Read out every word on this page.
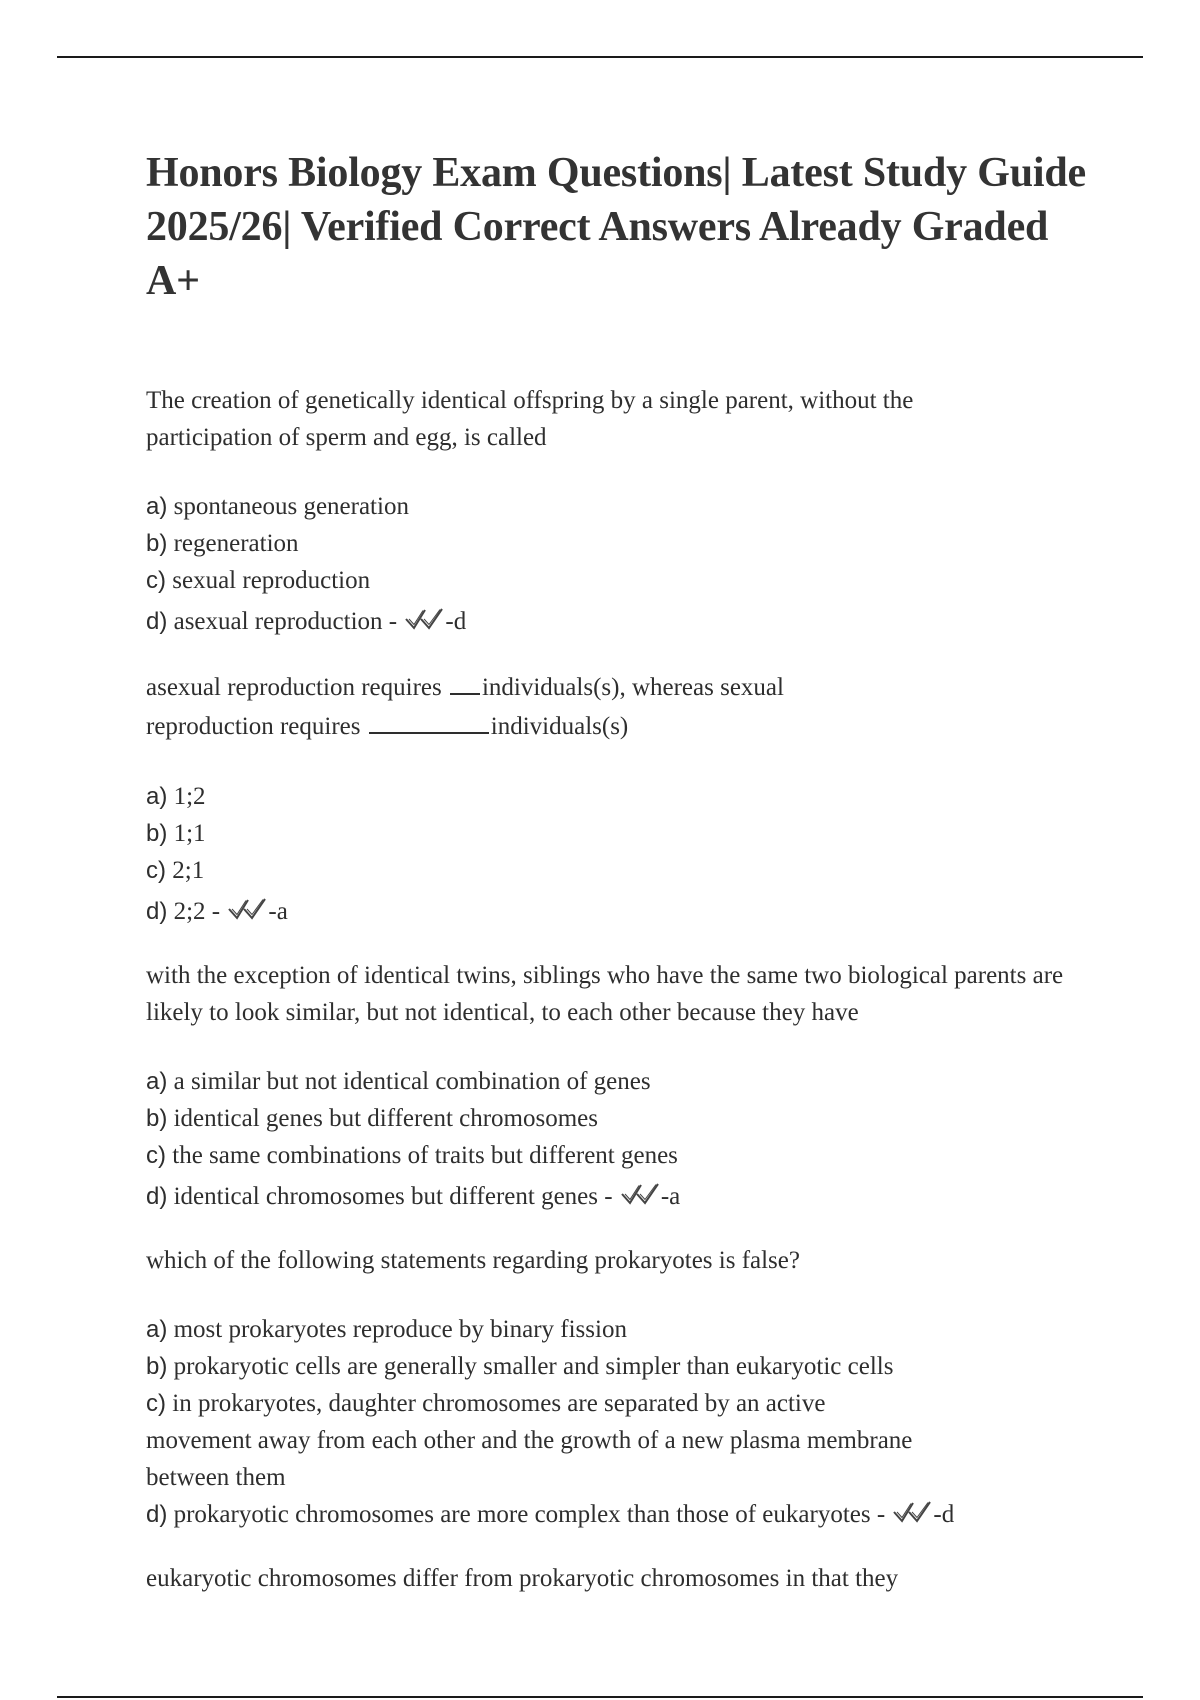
Honors Biology Exam Questions| Latest Study Guide 2025/26| Verified Correct Answers Already Graded A+

The creation of genetically identical offspring by a single parent, without the participation of sperm and egg, is called

a) spontaneous generation
b) regeneration
c) sexual reproduction
d) asexual reproduction - -d

asexual reproduction requires individuals(s), whereas sexual reproduction requires	individuals(s)

a) 1;2
b) 1;1
c) 2;1
d) 2;2 - -a

with the exception of identical twins, siblings who have the same two biological parents are likely to look similar, but not identical, to each other because they have

a) a similar but not identical combination of genes
b) identical genes but different chromosomes
c) the same combinations of traits but different genes
d) identical chromosomes but different genes - -a

which of the following statements regarding prokaryotes is false?

a) most prokaryotes reproduce by binary fission
b) prokaryotic cells are generally smaller and simpler than eukaryotic cells
c) in prokaryotes, daughter chromosomes are separated by an active movement away from each other and the growth of a new plasma membrane between them
d) prokaryotic chromosomes are more complex than those of eukaryotes - -d

eukaryotic chromosomes differ from prokaryotic chromosomes in that they
